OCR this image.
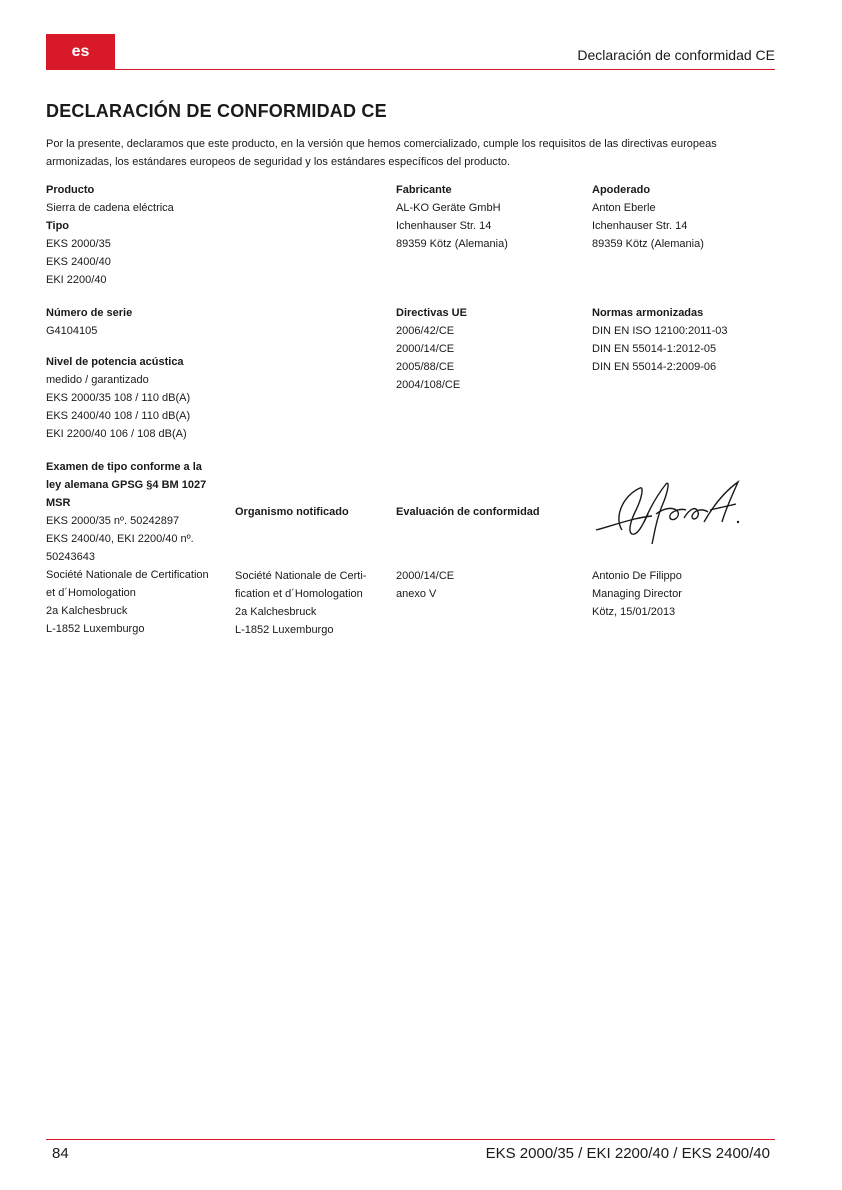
es	Declaración de conformidad CE
DECLARACIÓN DE CONFORMIDAD CE
Por la presente, declaramos que este producto, en la versión que hemos comercializado, cumple los requisitos de las directivas europeas armonizadas, los estándares europeos de seguridad y los estándares específicos del producto.
Producto
Sierra de cadena eléctrica
Tipo
EKS 2000/35
EKS 2400/40
EKI 2200/40
Fabricante
AL-KO Geräte GmbH
Ichenhauser Str. 14
89359 Kötz (Alemania)
Apoderado
Anton Eberle
Ichenhauser Str. 14
89359 Kötz (Alemania)
Número de serie
G4104105
Nivel de potencia acústica
medido / garantizado
EKS 2000/35 108 / 110 dB(A)
EKS 2400/40 108 / 110 dB(A)
EKI 2200/40 106 / 108 dB(A)
Directivas UE
2006/42/CE
2000/14/CE
2005/88/CE
2004/108/CE
Normas armonizadas
DIN EN ISO 12100:2011-03
DIN EN 55014-1:2012-05
DIN EN 55014-2:2009-06
Examen de tipo conforme a la
ley alemana GPSG §4 BM 1027
MSR
EKS 2000/35 nº. 50242897
EKS 2400/40, EKI 2200/40 nº.
50243643
Société Nationale de Certification
et d´Homologation
2a Kalchesbruck
L-1852 Luxemburgo
Organismo notificado
Société Nationale de Certi-
fication et d´Homologation
2a Kalchesbruck
L-1852 Luxemburgo
Evaluación de conformidad
2000/14/CE
anexo V
Antonio De Filippo
Managing Director
Kötz, 15/01/2013
84	EKS 2000/35 / EKI 2200/40 / EKS 2400/40
